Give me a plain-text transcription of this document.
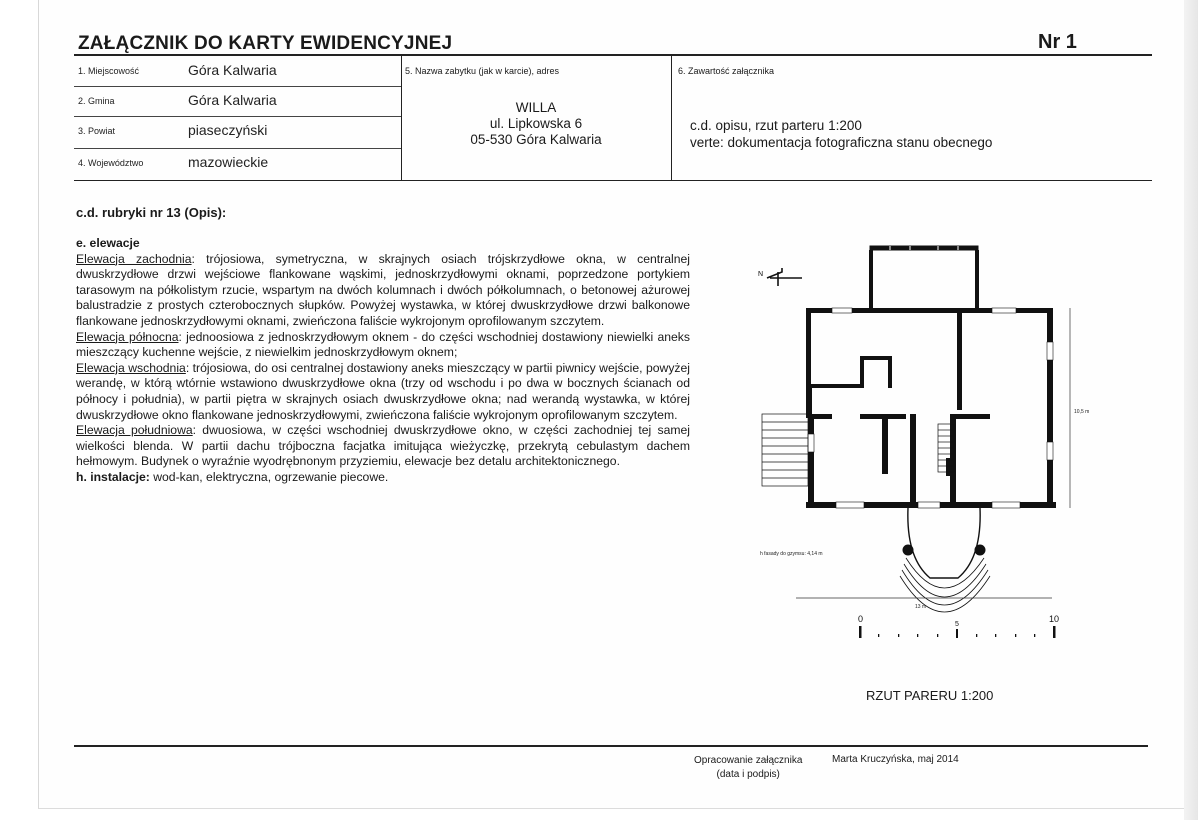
ZAŁĄCZNIK DO KARTY EWIDENCYJNEJ	Nr 1
1. Miejscowość	Góra Kalwaria
2. Gmina	Góra Kalwaria
3. Powiat	piaseczyński
4. Województwo	mazowieckie
5. Nazwa zabytku (jak w karcie), adres
WILLA
ul. Lipkowska 6
05-530 Góra Kalwaria
6. Zawartość załącznika
c.d. opisu, rzut parteru 1:200
verte: dokumentacja fotograficzna stanu obecnego
c.d. rubryki nr 13 (Opis):

e. elewacje

Elewacja zachodnia: trójosiowa, symetryczna, w skrajnych osiach trójskrzydłowe okna, w centralnej dwuskrzydłowe drzwi wejściowe flankowane wąskimi, jednoskrzydłowymi oknami, poprzedzone portykiem tarasowym na półkolistym rzucie, wspartym na dwóch kolumnach i dwóch półkolumnach, o betonowej ażurowej balustradzie z prostych czterobocznych słupków. Powyżej wystawka, w której dwuskrzydłowe drzwi balkonowe flankowane jednoskrzydłowymi oknami, zwieńczona faliście wykrojonym oprofilowanym szczytem.

Elewacja północna: jednoosiowa z jednoskrzydłowym oknem - do części wschodniej dostawiony niewielki aneks mieszczący kuchenne wejście, z niewielkim jednoskrzydłowym oknem;

Elewacja wschodnia: trójosiowa, do osi centralnej dostawiony aneks mieszczący w partii piwnicy wejście, powyżej werandę, w którą wtórnie wstawiono dwuskrzydłowe okna (trzy od wschodu i po dwa w bocznych ścianach od północy i południa), w partii piętra w skrajnych osiach dwuskrzydłowe okna; nad werandą wystawka, w której dwuskrzydłowe okno flankowane jednoskrzydłowymi, zwieńczona faliście wykrojonym oprofilowanym szczytem.

Elewacja południowa: dwuosiowa, w części wschodniej dwuskrzydłowe okno, w części zachodniej tej samej wielkości blenda. W partii dachu trójboczna facjatka imitująca wieżyczkę, przekrytą cebulastym dachem hełmowym. Budynek o wyraźnie wyodrębnonym przyziemiu, elewacje bez detalu architektonicznego.

h. instalacje: wod-kan, elektryczna, ogrzewanie piecowe.

N
10,5 m
13 m
h fasady do gzymsu: 4,14 m
0
5
10
RZUT PARERU 1:200
Opracowanie załącznika
(data i podpis)
Marta Kruczyńska, maj 2014
